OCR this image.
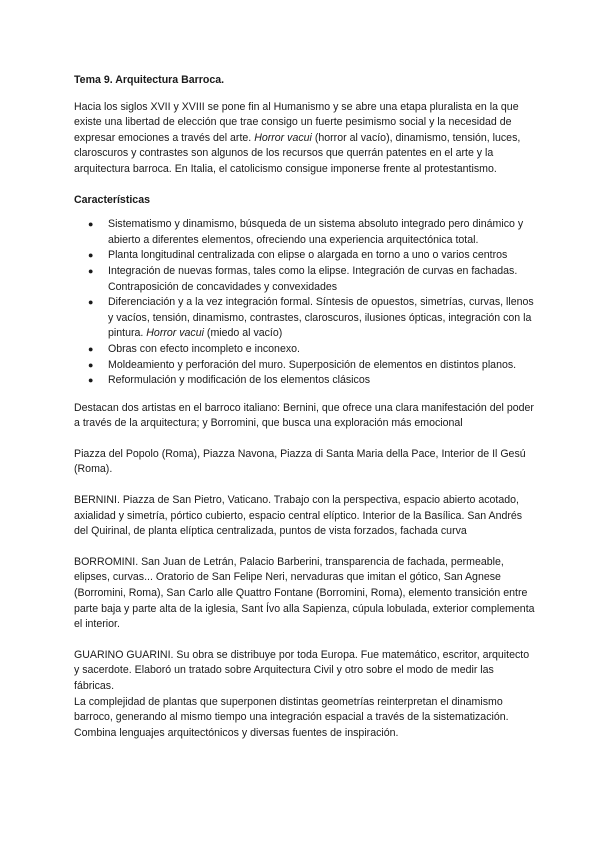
Tema 9. Arquitectura Barroca.

Hacia los siglos XVII y XVIII se pone fin al Humanismo y se abre una etapa pluralista en la que existe una libertad de elección que trae consigo un fuerte pesimismo social y la necesidad de expresar emociones a través del arte. Horror vacui (horror al vacío), dinamismo, tensión, luces, claroscuros y contrastes son algunos de los recursos que querrán patentes en el arte y la arquitectura barroca. En Italia, el catolicismo consigue imponerse frente al protestantismo.

Características

● Sistematismo y dinamismo, búsqueda de un sistema absoluto integrado pero dinámico y abierto a diferentes elementos, ofreciendo una experiencia arquitectónica total.
● Planta longitudinal centralizada con elipse o alargada en torno a uno o varios centros
● Integración de nuevas formas, tales como la elipse. Integración de curvas en fachadas. Contraposición de concavidades y convexidades
● Diferenciación y a la vez integración formal. Síntesis de opuestos, simetrías, curvas, llenos y vacíos, tensión, dinamismo, contrastes, claroscuros, ilusiones ópticas, integración con la pintura. Horror vacui (miedo al vacío)
● Obras con efecto incompleto e inconexo.
● Moldeamiento y perforación del muro. Superposición de elementos en distintos planos.
● Reformulación y modificación de los elementos clásicos

Destacan dos artistas en el barroco italiano: Bernini, que ofrece una clara manifestación del poder a través de la arquitectura; y Borromini, que busca una exploración más emocional

Piazza del Popolo (Roma), Piazza Navona, Piazza di Santa Maria della Pace, Interior de Il Gesú (Roma).

BERNINI. Piazza de San Pietro, Vaticano. Trabajo con la perspectiva, espacio abierto acotado, axialidad y simetría, pórtico cubierto, espacio central elíptico. Interior de la Basílica. San Andrés del Quirinal, de planta elíptica centralizada, puntos de vista forzados, fachada curva

BORROMINI. San Juan de Letrán, Palacio Barberini, transparencia de fachada, permeable, elipses, curvas... Oratorio de San Felipe Neri, nervaduras que imitan el gótico, San Agnese (Borromini, Roma), San Carlo alle Quattro Fontane (Borromini, Roma), elemento transición entre parte baja y parte alta de la iglesia, Sant Ívo alla Sapienza, cúpula lobulada, exterior complementa el interior.

GUARINO GUARINI. Su obra se distribuye por toda Europa. Fue matemático, escritor, arquitecto y sacerdote. Elaboró un tratado sobre Arquitectura Civil y otro sobre el modo de medir las fábricas.

La complejidad de plantas que superponen distintas geometrías reinterpretan el dinamismo barroco, generando al mismo tiempo una integración espacial a través de la sistematización. Combina lenguajes arquitectónicos y diversas fuentes de inspiración.
